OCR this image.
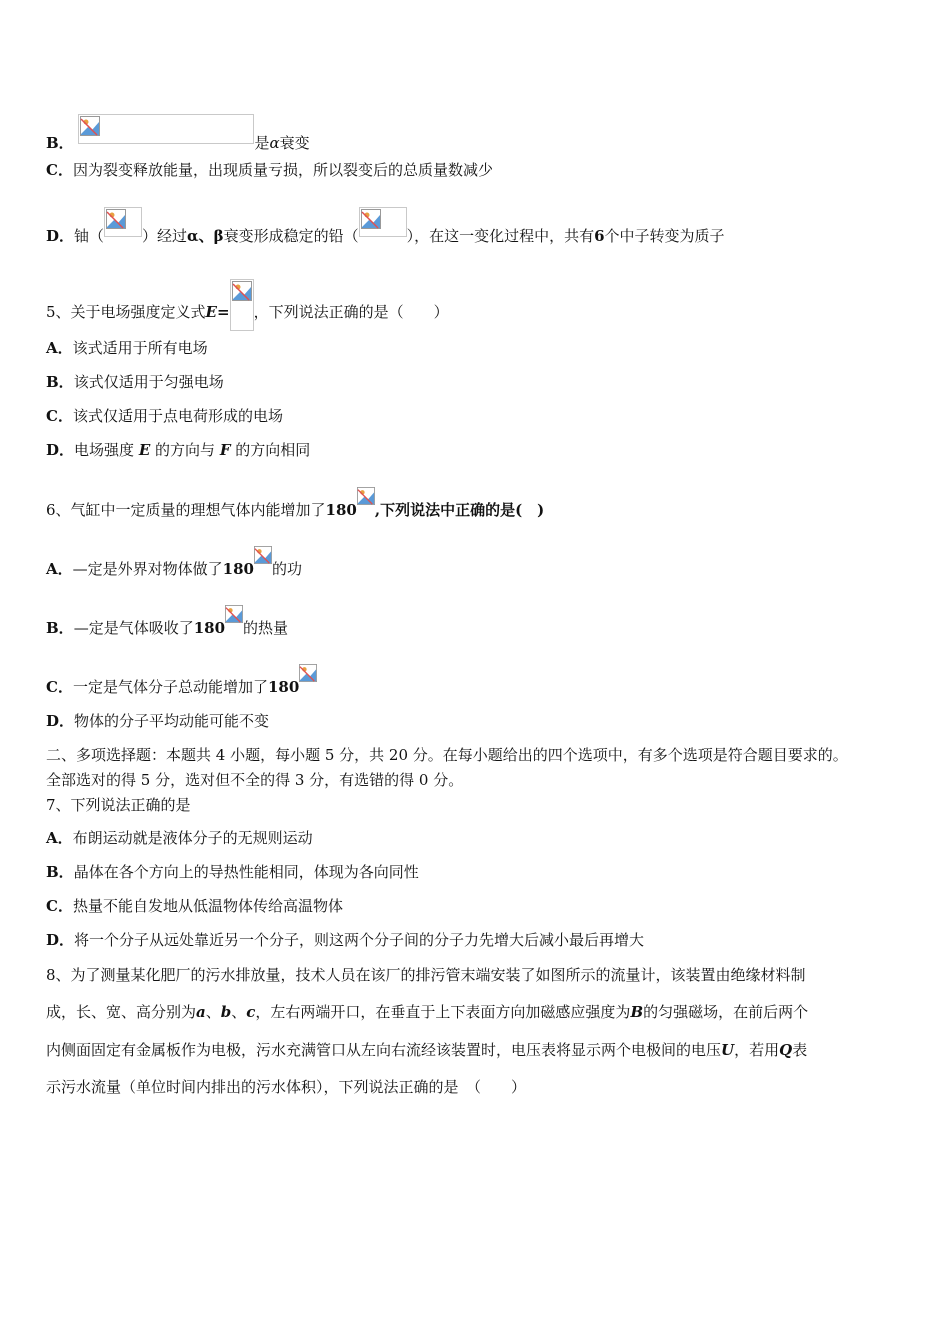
B．	是α衰变
C．因为裂变释放能量，出现质量亏损，所以裂变后的总质量数减少
D．铀（	）经过α、β衰变形成稳定的铅（	），在这一变化过程中，共有6个中子转变为质子
5、关于电场强度定义式E= ，下列说法正确的是（　　）
A．该式适用于所有电场
B．该式仅适用于匀强电场
C．该式仅适用于点电荷形成的电场
D．电场强度 E 的方向与 F 的方向相同
6、气缸中一定质量的理想气体内能增加了180 ,下列说法中正确的是(　)
A．—定是外界对物体做了180 的功
B．—定是气体吸收了180 的热量
C．一定是气体分子总动能增加了180
D．物体的分子平均动能可能不变
二、多项选择题：本题共 4 小题，每小题 5 分，共 20 分。在每小题给出的四个选项中，有多个选项是符合题目要求的。
全部选对的得 5 分，选对但不全的得 3 分，有选错的得 0 分。
7、下列说法正确的是
A．布朗运动就是液体分子的无规则运动
B．晶体在各个方向上的导热性能相同，体现为各向同性
C．热量不能自发地从低温物体传给高温物体
D．将一个分子从远处靠近另一个分子，则这两个分子间的分子力先增大后减小最后再增大
8、为了测量某化肥厂的污水排放量，技术人员在该厂的排污管末端安装了如图所示的流量计，该装置由绝缘材料制
成，长、宽、高分别为a、b、c，左右两端开口，在垂直于上下表面方向加磁感应强度为B的匀强磁场，在前后两个
内侧面固定有金属板作为电极，污水充满管口从左向右流经该装置时，电压表将显示两个电极间的电压U，若用Q表
示污水流量（单位时间内排出的污水体积），下列说法正确的是　（　　）
